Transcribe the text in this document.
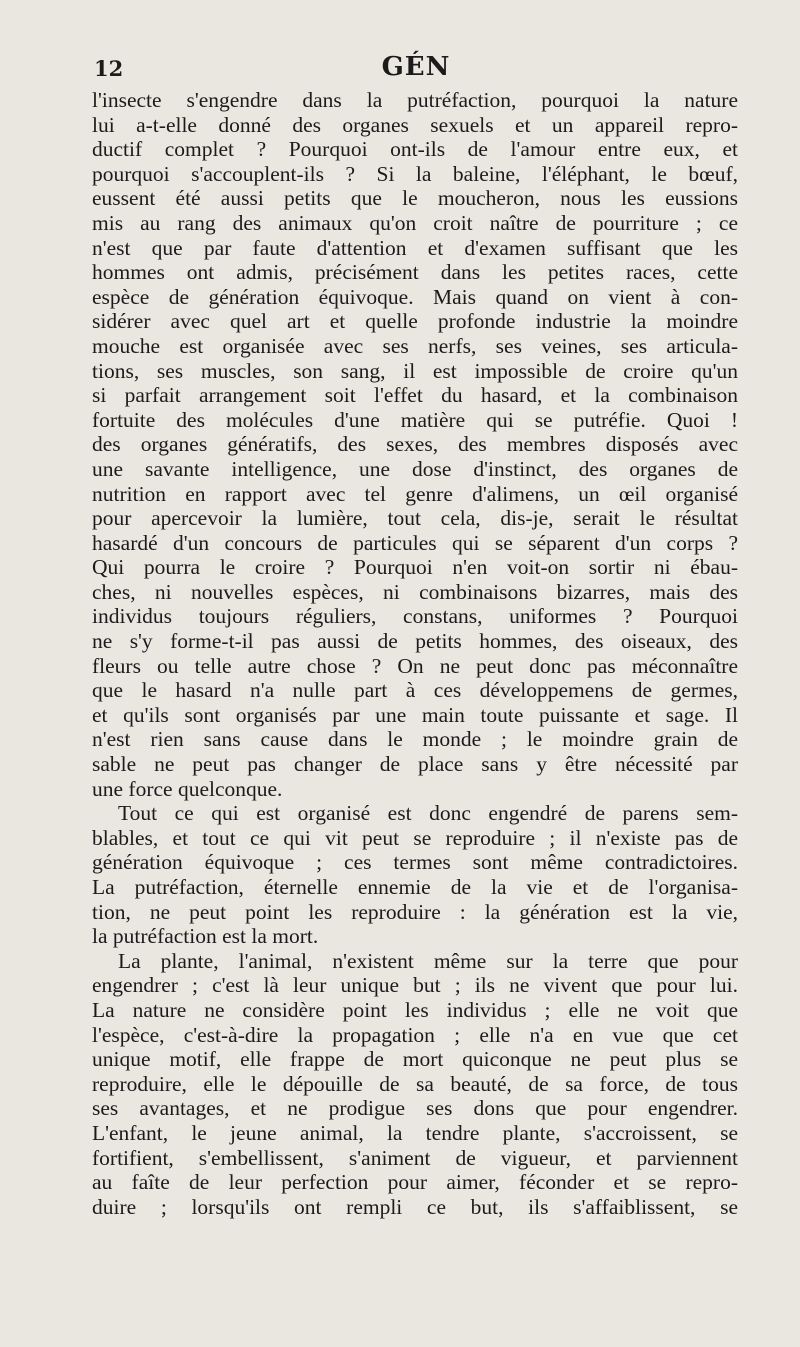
12	GÉN
l'insecte s'engendre dans la putréfaction, pourquoi la nature
lui a-t-elle donné des organes sexuels et un appareil repro-
ductif complet ? Pourquoi ont-ils de l'amour entre eux, et
pourquoi s'accouplent-ils ? Si la baleine, l'éléphant, le bœuf,
eussent été aussi petits que le moucheron, nous les eussions
mis au rang des animaux qu'on croit naître de pourriture ; ce
n'est que par faute d'attention et d'examen suffisant que les
hommes ont admis, précisément dans les petites races, cette
espèce de génération équivoque. Mais quand on vient à con-
sidérer avec quel art et quelle profonde industrie la moindre
mouche est organisée avec ses nerfs, ses veines, ses articula-
tions, ses muscles, son sang, il est impossible de croire qu'un
si parfait arrangement soit l'effet du hasard, et la combinaison
fortuite des molécules d'une matière qui se putréfie. Quoi !
des organes génératifs, des sexes, des membres disposés avec
une savante intelligence, une dose d'instinct, des organes de
nutrition en rapport avec tel genre d'alimens, un œil organisé
pour apercevoir la lumière, tout cela, dis-je, serait le résultat
hasardé d'un concours de particules qui se séparent d'un corps ?
Qui pourra le croire ? Pourquoi n'en voit-on sortir ni ébau-
ches, ni nouvelles espèces, ni combinaisons bizarres, mais des
individus toujours réguliers, constans, uniformes ? Pourquoi
ne s'y forme-t-il pas aussi de petits hommes, des oiseaux, des
fleurs ou telle autre chose ? On ne peut donc pas méconnaître
que le hasard n'a nulle part à ces développemens de germes,
et qu'ils sont organisés par une main toute puissante et sage. Il
n'est rien sans cause dans le monde ; le moindre grain de
sable ne peut pas changer de place sans y être nécessité par
une force quelconque.
Tout ce qui est organisé est donc engendré de parens sem-
blables, et tout ce qui vit peut se reproduire ; il n'existe pas de
génération équivoque ; ces termes sont même contradictoires.
La putréfaction, éternelle ennemie de la vie et de l'organisa-
tion, ne peut point les reproduire : la génération est la vie,
la putréfaction est la mort.
La plante, l'animal, n'existent même sur la terre que pour
engendrer ; c'est là leur unique but ; ils ne vivent que pour lui.
La nature ne considère point les individus ; elle ne voit que
l'espèce, c'est-à-dire la propagation ; elle n'a en vue que cet
unique motif, elle frappe de mort quiconque ne peut plus se
reproduire, elle le dépouille de sa beauté, de sa force, de tous
ses avantages, et ne prodigue ses dons que pour engendrer.
L'enfant, le jeune animal, la tendre plante, s'accroissent, se
fortifient, s'embellissent, s'animent de vigueur, et parviennent
au faîte de leur perfection pour aimer, féconder et se repro-
duire ; lorsqu'ils ont rempli ce but, ils s'affaiblissent, se
